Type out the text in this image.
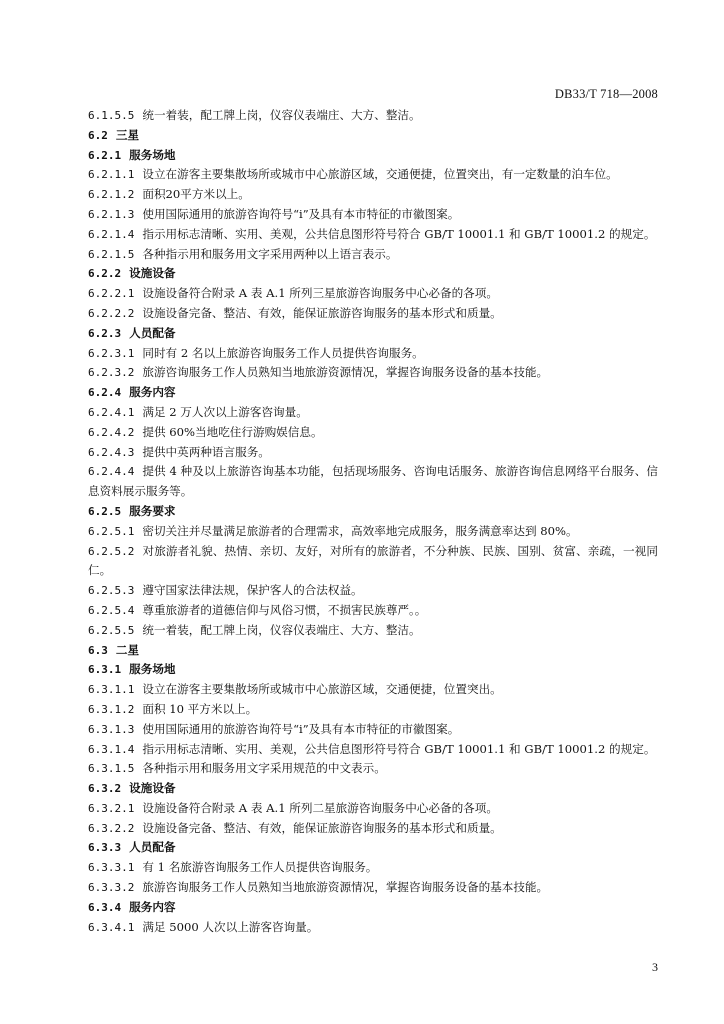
DB33/T 718—2008
6.1.5.5 统一着装，配工牌上岗，仪容仪表端庄、大方、整洁。
6.2 三星
6.2.1 服务场地
6.2.1.1 设立在游客主要集散场所或城市中心旅游区域，交通便捷，位置突出，有一定数量的泊车位。
6.2.1.2 面积20平方米以上。
6.2.1.3 使用国际通用的旅游咨询符号“i”及具有本市特征的市徽图案。
6.2.1.4 指示用标志清晰、实用、美观，公共信息图形符号符合 GB/T 10001.1 和 GB/T 10001.2 的规定。
6.2.1.5 各种指示用和服务用文字采用两种以上语言表示。
6.2.2 设施设备
6.2.2.1 设施设备符合附录 A 表 A.1 所列三星旅游咨询服务中心必备的各项。
6.2.2.2 设施设备完备、整洁、有效，能保证旅游咨询服务的基本形式和质量。
6.2.3 人员配备
6.2.3.1 同时有 2 名以上旅游咨询服务工作人员提供咨询服务。
6.2.3.2 旅游咨询服务工作人员熟知当地旅游资源情况，掌握咨询服务设备的基本技能。
6.2.4 服务内容
6.2.4.1 满足 2 万人次以上游客咨询量。
6.2.4.2 提供 60%当地吃住行游购娱信息。
6.2.4.3 提供中英两种语言服务。
6.2.4.4 提供 4 种及以上旅游咨询基本功能，包括现场服务、咨询电话服务、旅游咨询信息网络平台服务、信息资料展示服务等。
6.2.5 服务要求
6.2.5.1 密切关注并尽量满足旅游者的合理需求，高效率地完成服务，服务满意率达到 80%。
6.2.5.2 对旅游者礼貌、热情、亲切、友好，对所有的旅游者，不分种族、民族、国别、贫富、亲疏，一视同仁。
6.2.5.3 遵守国家法律法规，保护客人的合法权益。
6.2.5.4 尊重旅游者的道德信仰与风俗习惯，不损害民族尊严。。
6.2.5.5 统一着装，配工牌上岗，仪容仪表端庄、大方、整洁。
6.3 二星
6.3.1 服务场地
6.3.1.1 设立在游客主要集散场所或城市中心旅游区域，交通便捷，位置突出。
6.3.1.2 面积 10 平方米以上。
6.3.1.3 使用国际通用的旅游咨询符号“i”及具有本市特征的市徽图案。
6.3.1.4 指示用标志清晰、实用、美观，公共信息图形符号符合 GB/T 10001.1 和 GB/T 10001.2 的规定。
6.3.1.5 各种指示用和服务用文字采用规范的中文表示。
6.3.2 设施设备
6.3.2.1 设施设备符合附录 A 表 A.1 所列二星旅游咨询服务中心必备的各项。
6.3.2.2 设施设备完备、整洁、有效，能保证旅游咨询服务的基本形式和质量。
6.3.3 人员配备
6.3.3.1 有 1 名旅游咨询服务工作人员提供咨询服务。
6.3.3.2 旅游咨询服务工作人员熟知当地旅游资源情况，掌握咨询服务设备的基本技能。
6.3.4 服务内容
6.3.4.1 满足 5000 人次以上游客咨询量。
3
